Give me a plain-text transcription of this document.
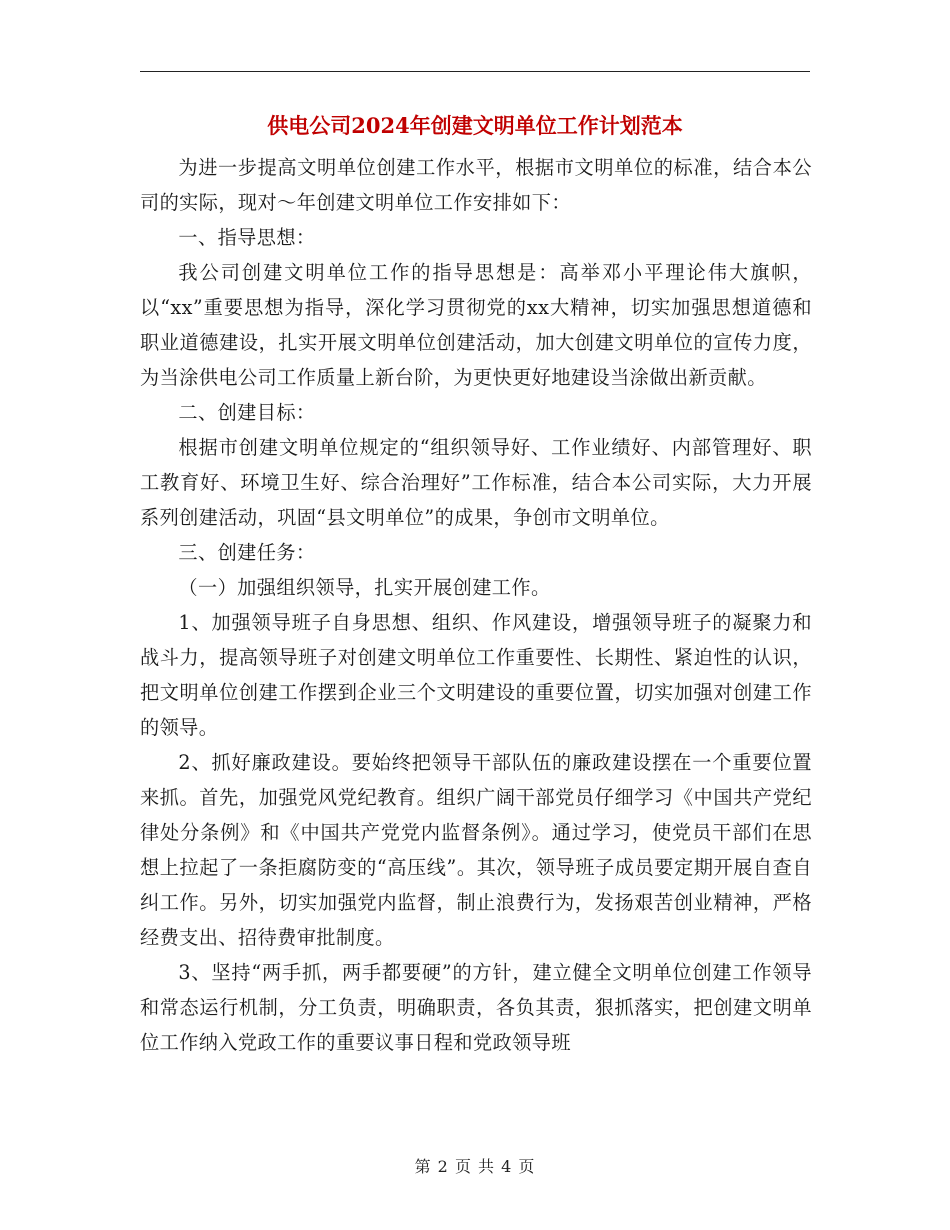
供电公司2024年创建文明单位工作计划范本

为进一步提高文明单位创建工作水平，根据市文明单位的标准，结合本公司的实际，现对～年创建文明单位工作安排如下：

一、指导思想：

我公司创建文明单位工作的指导思想是：高举邓小平理论伟大旗帜，以“xx”重要思想为指导，深化学习贯彻党的xx大精神，切实加强思想道德和职业道德建设，扎实开展文明单位创建活动，加大创建文明单位的宣传力度，为当涂供电公司工作质量上新台阶，为更快更好地建设当涂做出新贡献。

二、创建目标：

根据市创建文明单位规定的“组织领导好、工作业绩好、内部管理好、职工教育好、环境卫生好、综合治理好”工作标准，结合本公司实际，大力开展系列创建活动，巩固“县文明单位”的成果，争创市文明单位。

三、创建任务：

（一）加强组织领导，扎实开展创建工作。

1、加强领导班子自身思想、组织、作风建设，增强领导班子的凝聚力和战斗力，提高领导班子对创建文明单位工作重要性、长期性、紧迫性的认识，把文明单位创建工作摆到企业三个文明建设的重要位置，切实加强对创建工作的领导。

2、抓好廉政建设。要始终把领导干部队伍的廉政建设摆在一个重要位置来抓。首先，加强党风党纪教育。组织广阔干部党员仔细学习《中国共产党纪律处分条例》和《中国共产党党内监督条例》。通过学习，使党员干部们在思想上拉起了一条拒腐防变的“高压线”。其次，领导班子成员要定期开展自查自纠工作。另外，切实加强党内监督，制止浪费行为，发扬艰苦创业精神，严格经费支出、招待费审批制度。

3、坚持“两手抓，两手都要硬”的方针，建立健全文明单位创建工作领导和常态运行机制，分工负责，明确职责，各负其责，狠抓落实，把创建文明单位工作纳入党政工作的重要议事日程和党政领导班

第 2 页 共 4 页
